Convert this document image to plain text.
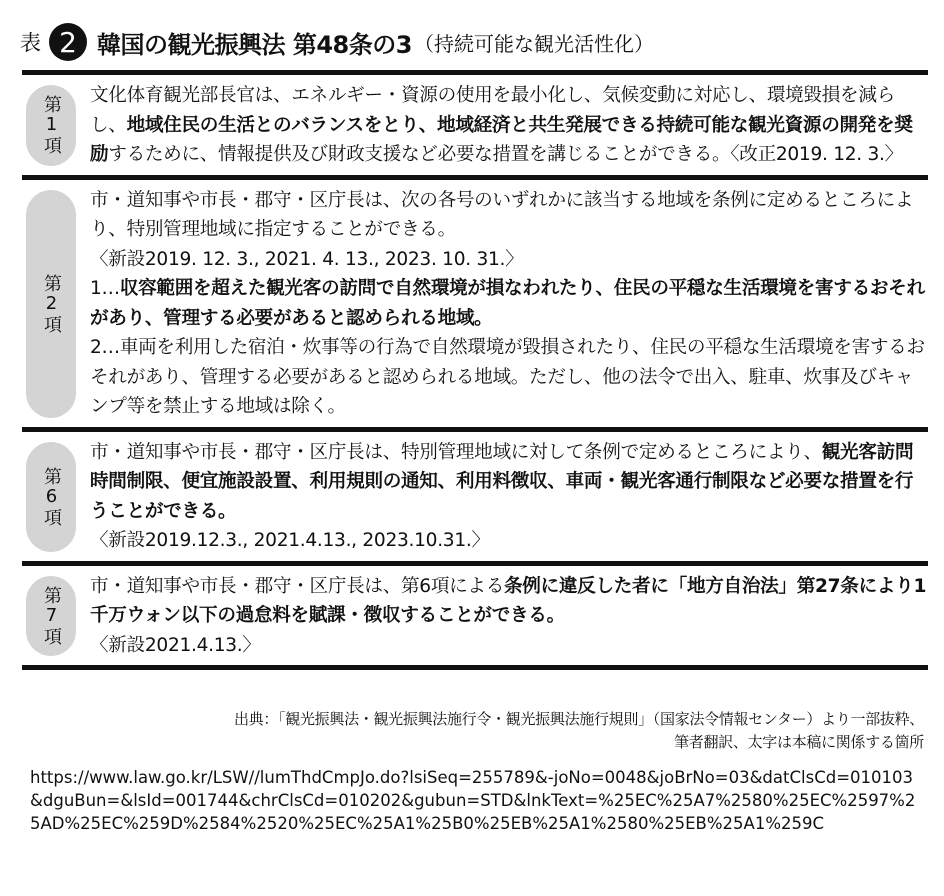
表 2 韓国の観光振興法 第48条の3 （持続可能な観光活性化）
第1項	文化体育観光部長官は、エネルギー・資源の使用を最小化し、気候変動に対応し、環境毀損を減らし、地域住民の生活とのバランスをとり、地域経済と共生発展できる持続可能な観光資源の開発を奨励するために、情報提供及び財政支援など必要な措置を講じることができる。〈改正2019. 12. 3.〉
第2項
市・道知事や市長・郡守・区庁長は、次の各号のいずれかに該当する地域を条例に定めるところにより、特別管理地域に指定することができる。
〈新設2019. 12. 3., 2021. 4. 13., 2023. 10. 31.〉
1…収容範囲を超えた観光客の訪問で自然環境が損なわれたり、住民の平穏な生活環境を害するおそれがあり、管理する必要があると認められる地域。
2…車両を利用した宿泊・炊事等の行為で自然環境が毀損されたり、住民の平穏な生活環境を害するおそれがあり、管理する必要があると認められる地域。ただし、他の法令で出入、駐車、炊事及びキャンプ等を禁止する地域は除く。
第6項
市・道知事や市長・郡守・区庁長は、特別管理地域に対して条例で定めるところにより、観光客訪問時間制限、便宜施設設置、利用規則の通知、利用料徴収、車両・観光客通行制限など必要な措置を行うことができる。
〈新設2019.12.3., 2021.4.13., 2023.10.31.〉
第7項	市・道知事や市長・郡守・区庁長は、第6項による条例に違反した者に「地方自治法」第27条により1千万ウォン以下の過怠料を賦課・徴収することができる。
〈新設2021.4.13.〉
出典：「観光振興法・観光振興法施行令・観光振興法施行規則」（国家法令情報センター）より一部抜粋、
筆者翻訳、太字は本稿に関係する箇所
https://www.law.go.kr/LSW//lumThdCmpJo.do?lsiSeq=255789&-joNo=0048&joBrNo=03&datClsCd=010103&dguBun=&lsId=001744&chrClsCd=010202&gubun=STD&lnkText=%25EC%25A7%2580%25EC%2597%25AD%25EC%259D%2584%2520%25EC%25A1%25B0%25EB%25A1%2580%25EB%25A1%259C
